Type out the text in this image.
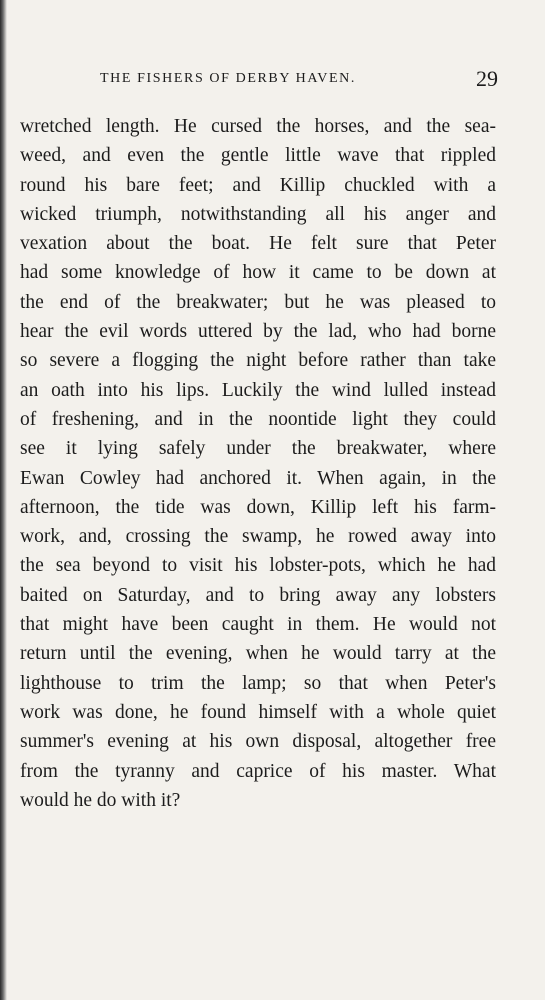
THE FISHERS OF DERBY HAVEN.	29
wretched length. He cursed the horses, and the sea-
weed, and even the gentle little wave that rippled
round his bare feet; and Killip chuckled with a
wicked triumph, notwithstanding all his anger and
vexation about the boat. He felt sure that Peter
had some knowledge of how it came to be down at
the end of the breakwater; but he was pleased to
hear the evil words uttered by the lad, who had borne
so severe a flogging the night before rather than take
an oath into his lips. Luckily the wind lulled instead
of freshening, and in the noontide light they could
see it lying safely under the breakwater, where
Ewan Cowley had anchored it. When again, in the
afternoon, the tide was down, Killip left his farm-
work, and, crossing the swamp, he rowed away into
the sea beyond to visit his lobster-pots, which he had
baited on Saturday, and to bring away any lobsters
that might have been caught in them. He would not
return until the evening, when he would tarry at the
lighthouse to trim the lamp; so that when Peter's
work was done, he found himself with a whole quiet
summer's evening at his own disposal, altogether free
from the tyranny and caprice of his master. What
would he do with it?
